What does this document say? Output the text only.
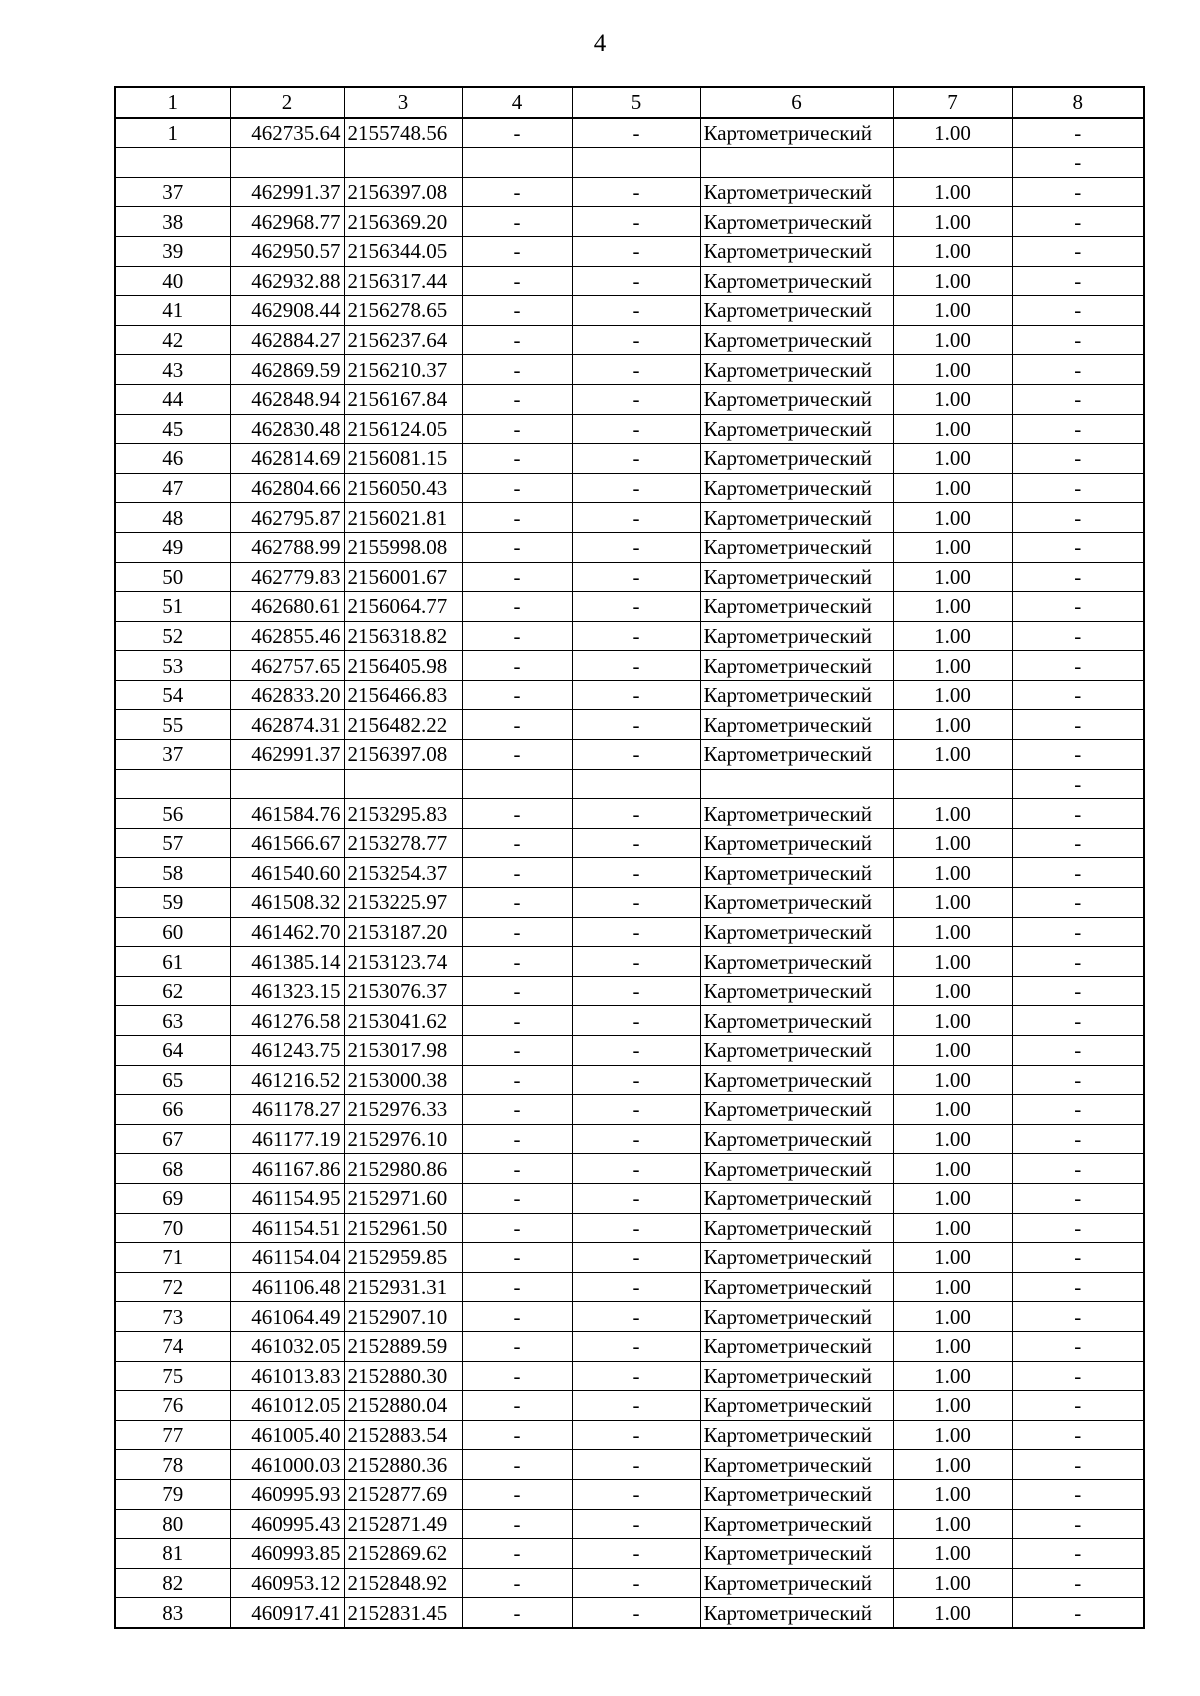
4
1	2	3	4	5	6	7	8
1	462735.64	2155748.56	-	-	Картометрический	1.00	-
							-
37	462991.37	2156397.08	-	-	Картометрический	1.00	-
38	462968.77	2156369.20	-	-	Картометрический	1.00	-
39	462950.57	2156344.05	-	-	Картометрический	1.00	-
40	462932.88	2156317.44	-	-	Картометрический	1.00	-
41	462908.44	2156278.65	-	-	Картометрический	1.00	-
42	462884.27	2156237.64	-	-	Картометрический	1.00	-
43	462869.59	2156210.37	-	-	Картометрический	1.00	-
44	462848.94	2156167.84	-	-	Картометрический	1.00	-
45	462830.48	2156124.05	-	-	Картометрический	1.00	-
46	462814.69	2156081.15	-	-	Картометрический	1.00	-
47	462804.66	2156050.43	-	-	Картометрический	1.00	-
48	462795.87	2156021.81	-	-	Картометрический	1.00	-
49	462788.99	2155998.08	-	-	Картометрический	1.00	-
50	462779.83	2156001.67	-	-	Картометрический	1.00	-
51	462680.61	2156064.77	-	-	Картометрический	1.00	-
52	462855.46	2156318.82	-	-	Картометрический	1.00	-
53	462757.65	2156405.98	-	-	Картометрический	1.00	-
54	462833.20	2156466.83	-	-	Картометрический	1.00	-
55	462874.31	2156482.22	-	-	Картометрический	1.00	-
37	462991.37	2156397.08	-	-	Картометрический	1.00	-
							-
56	461584.76	2153295.83	-	-	Картометрический	1.00	-
57	461566.67	2153278.77	-	-	Картометрический	1.00	-
58	461540.60	2153254.37	-	-	Картометрический	1.00	-
59	461508.32	2153225.97	-	-	Картометрический	1.00	-
60	461462.70	2153187.20	-	-	Картометрический	1.00	-
61	461385.14	2153123.74	-	-	Картометрический	1.00	-
62	461323.15	2153076.37	-	-	Картометрический	1.00	-
63	461276.58	2153041.62	-	-	Картометрический	1.00	-
64	461243.75	2153017.98	-	-	Картометрический	1.00	-
65	461216.52	2153000.38	-	-	Картометрический	1.00	-
66	461178.27	2152976.33	-	-	Картометрический	1.00	-
67	461177.19	2152976.10	-	-	Картометрический	1.00	-
68	461167.86	2152980.86	-	-	Картометрический	1.00	-
69	461154.95	2152971.60	-	-	Картометрический	1.00	-
70	461154.51	2152961.50	-	-	Картометрический	1.00	-
71	461154.04	2152959.85	-	-	Картометрический	1.00	-
72	461106.48	2152931.31	-	-	Картометрический	1.00	-
73	461064.49	2152907.10	-	-	Картометрический	1.00	-
74	461032.05	2152889.59	-	-	Картометрический	1.00	-
75	461013.83	2152880.30	-	-	Картометрический	1.00	-
76	461012.05	2152880.04	-	-	Картометрический	1.00	-
77	461005.40	2152883.54	-	-	Картометрический	1.00	-
78	461000.03	2152880.36	-	-	Картометрический	1.00	-
79	460995.93	2152877.69	-	-	Картометрический	1.00	-
80	460995.43	2152871.49	-	-	Картометрический	1.00	-
81	460993.85	2152869.62	-	-	Картометрический	1.00	-
82	460953.12	2152848.92	-	-	Картометрический	1.00	-
83	460917.41	2152831.45	-	-	Картометрический	1.00	-
